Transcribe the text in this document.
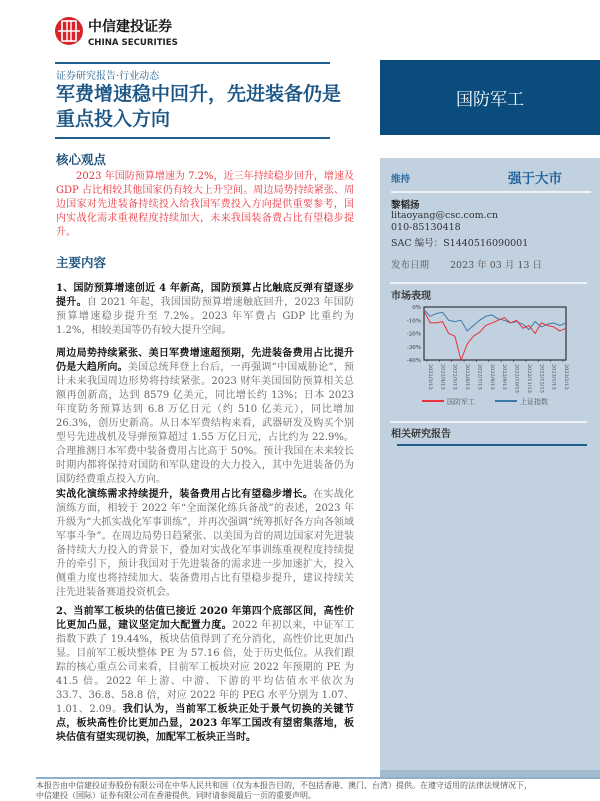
中信建投证券
CHINA SECURITIES
证券研究报告·行业动态
军费增速稳中回升，先进装备仍是重点投入方向
国防军工
核心观点

2023 年国防预算增速为 7.2%，近三年持续稳步回升，增速及 GDP 占比相较其他国家仍有较大上升空间。周边局势持续紧张、周边国家对先进装备持续投入给我国军费投入方向提供重要参考，国内实战化需求重视程度持续加大，未来我国装备费占比有望稳步提升。

主要内容

1、国防预算增速创近 4 年新高，国防预算占比触底反弹有望逐步提升。自 2021 年起，我国国防预算增速触底回升，2023 年国防预算增速稳步提升至 7.2%。2023 年军费占 GDP 比重约为 1.2%，相较美国等仍有较大提升空间。

周边局势持续紧张、美日军费增速超预期，先进装备费用占比提升仍是大趋所向。美国总统拜登上台后，一再强调“中国威胁论”，预计未来我国周边形势将持续紧张。2023 财年美国国防预算相关总额再创新高，达到 8579 亿美元，同比增长约 13%；日本 2023 年度防务预算达到 6.8 万亿日元（约 510 亿美元），同比增加 26.3%，创历史新高。从日本军费结构来看，武器研发及购买个别型号先进战机及导弹预算超过 1.55 万亿日元，占比约为 22.9%。合理推测日本军费中装备费用占比高于 50%。预计我国在未来较长时期内都将保持对国防和军队建设的大力投入，其中先进装备仍为国防经费重点投入方向。

实战化演练需求持续提升，装备费用占比有望稳步增长。在实战化演练方面，相较于 2022 年“全面深化练兵备战”的表述，2023 年升级为“大抓实战化军事训练”，并再次强调“统筹抓好各方向各领域军事斗争”。在周边局势日趋紧张、以美国为首的周边国家对先进装备持续大力投入的背景下，叠加对实战化军事训练重视程度持续提升的牵引下，预计我国对于先进装备的需求进一步加速扩大，投入侧重力度也将持续加大、装备费用占比有望稳步提升，建议持续关注先进装备赛道投资机会。

2、当前军工板块的估值已接近 2020 年第四个底部区间，高性价比更加凸显，建议坚定加大配置力度。2022 年初以来，中证军工指数下跌了 19.44%，板块估值得到了充分消化，高性价比更加凸显。目前军工板块整体 PE 为 57.16 倍，处于历史低位。从我们跟踪的核心重点公司来看，目前军工板块对应 2022 年预期的 PE 为 41.5 倍。2022 年上游、中游、下游的平均估值水平依次为 33.7、36.8、58.8 倍，对应 2022 年的 PEG 水平分别为 1.07、1.01、2.09。我们认为，当前军工板块正处于景气切换的关键节点，板块高性价比更加凸显，2023 年军工国改有望密集落地，板块估值有望实现切换，加配军工板块正当时。

维持	强于大市
黎韬扬
litaoyang@csc.com.cn
010-85130418
SAC 编号：S1440516090001
发布日期 2023 年 03 月 13 日
市场表现
0%
-10%
-20%
-30%
-40%
2022/3/13 2022/4/13 2022/5/13 2022/6/13 2022/7/13 2022/8/13 2022/9/13 2022/10/13 2022/11/13 2022/12/13 2023/1/13 2023/2/13
国防军工	上证指数
相关研究报告
本报告由中信建投证券股份有限公司在中华人民共和国（仅为本报告目的，不包括香港、澳门、台湾）提供。在遵守适用的法律法规情况下，
中信建投（国际）证券有限公司在香港提供。同时请参阅最后一页的重要声明。
